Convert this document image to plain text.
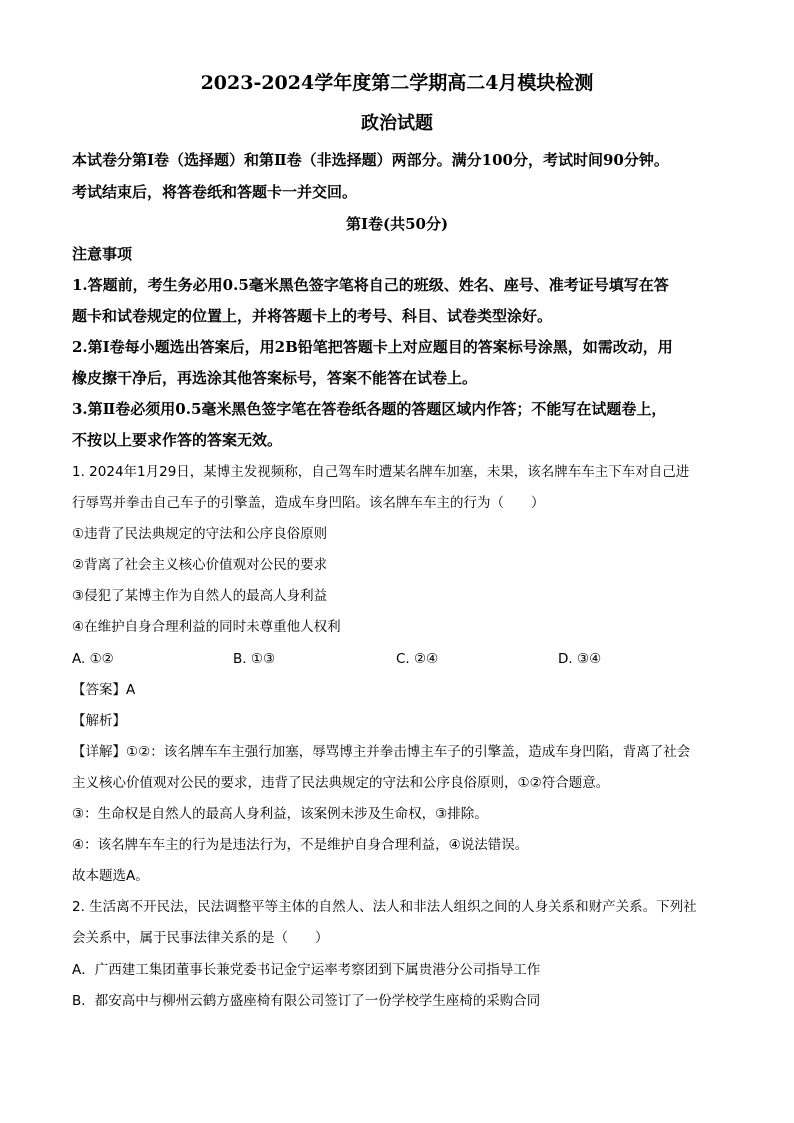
2023-2024学年度第二学期高二4月模块检测
政治试题
本试卷分第Ⅰ卷（选择题）和第Ⅱ卷（非选择题）两部分。满分100分，考试时间90分钟。
考试结束后，将答卷纸和答题卡一并交回。
第Ⅰ卷(共50分)
注意事项
1.答题前，考生务必用0.5毫米黑色签字笔将自己的班级、姓名、座号、准考证号填写在答
题卡和试卷规定的位置上，并将答题卡上的考号、科目、试卷类型涂好。
2.第Ⅰ卷每小题选出答案后，用2B铅笔把答题卡上对应题目的答案标号涂黑，如需改动，用
橡皮擦干净后，再选涂其他答案标号，答案不能答在试卷上。
3.第Ⅱ卷必须用0.5毫米黑色签字笔在答卷纸各题的答题区域内作答；不能写在试题卷上，
不按以上要求作答的答案无效。
1. 2024年1月29日，某博主发视频称，自己驾车时遭某名牌车加塞，未果，该名牌车车主下车对自己进
行辱骂并拳击自己车子的引擎盖，造成车身凹陷。该名牌车车主的行为（　　）
①违背了民法典规定的守法和公序良俗原则
②背离了社会主义核心价值观对公民的要求
③侵犯了某博主作为自然人的最高人身利益
④在维护自身合理利益的同时未尊重他人权利
A. ①②	B. ①③	C. ②④	D. ③④
【答案】A
【解析】
【详解】①②：该名牌车车主强行加塞，辱骂博主并拳击博主车子的引擎盖，造成车身凹陷，背离了社会
主义核心价值观对公民的要求，违背了民法典规定的守法和公序良俗原则，①②符合题意。
③：生命权是自然人的最高人身利益，该案例未涉及生命权，③排除。
④：该名牌车车主的行为是违法行为，不是维护自身合理利益，④说法错误。
故本题选A。
2. 生活离不开民法，民法调整平等主体的自然人、法人和非法人组织之间的人身关系和财产关系。下列社
会关系中，属于民事法律关系的是（　　）
A．广西建工集团董事长兼党委书记金宁运率考察团到下属贵港分公司指导工作
B．都安高中与柳州云鹤方盛座椅有限公司签订了一份学校学生座椅的采购合同
